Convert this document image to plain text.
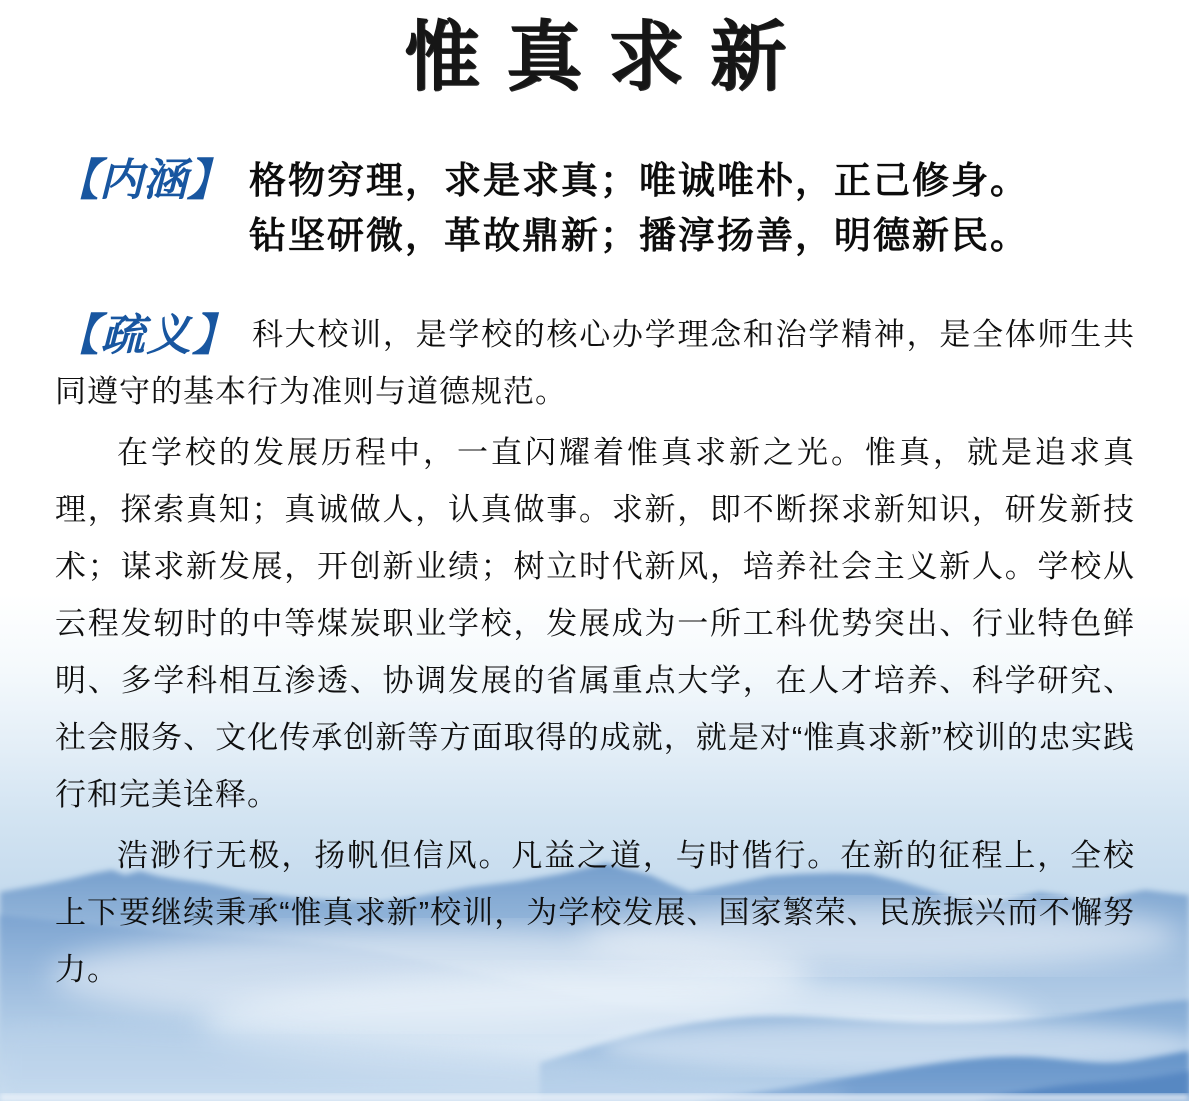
惟真求新
【内涵】 格物穷理，求是求真；唯诚唯朴，正己修身。
钻坚研微，革故鼎新；播淳扬善，明德新民。

【疏义】 科大校训，是学校的核心办学理念和治学精神，是全体师生共同遵守的基本行为准则与道德规范。

在学校的发展历程中，一直闪耀着惟真求新之光。惟真，就是追求真理，探索真知；真诚做人，认真做事。求新，即不断探求新知识，研发新技术；谋求新发展，开创新业绩；树立时代新风，培养社会主义新人。学校从云程发轫时的中等煤炭职业学校，发展成为一所工科优势突出、行业特色鲜明、多学科相互渗透、协调发展的省属重点大学，在人才培养、科学研究、社会服务、文化传承创新等方面取得的成就，就是对“惟真求新”校训的忠实践行和完美诠释。

浩渺行无极，扬帆但信风。凡益之道，与时偕行。在新的征程上，全校上下要继续秉承“惟真求新”校训，为学校发展、国家繁荣、民族振兴而不懈努力。
